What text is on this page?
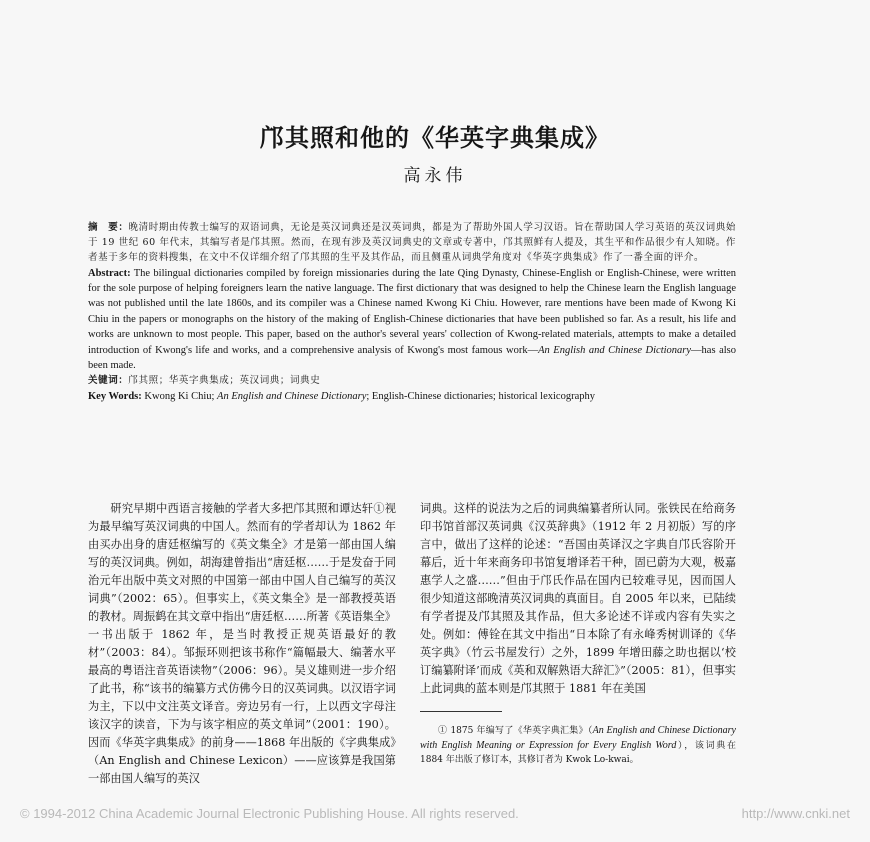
邝其照和他的《华英字典集成》
高永伟

摘　要：晚清时期由传教士编写的双语词典，无论是英汉词典还是汉英词典，都是为了帮助外国人学习汉语。旨在帮助国人学习英语的英汉词典始于 19 世纪 60 年代末，其编写者是邝其照。然而，在现有涉及英汉词典史的文章或专著中，邝其照鲜有人提及，其生平和作品很少有人知晓。作者基于多年的资料搜集，在文中不仅详细介绍了邝其照的生平及其作品，而且侧重从词典学角度对《华英字典集成》作了一番全面的评介。

Abstract: The bilingual dictionaries compiled by foreign missionaries during the late Qing Dynasty, Chinese-English or English-Chinese, were written for the sole purpose of helping foreigners learn the native language. The first dictionary that was designed to help the Chinese learn the English language was not published until the late 1860s, and its compiler was a Chinese named Kwong Ki Chiu. However, rare mentions have been made of Kwong Ki Chiu in the papers or monographs on the history of the making of English-Chinese dictionaries that have been published so far. As a result, his life and works are unknown to most people. This paper, based on the author's several years' collection of Kwong-related materials, attempts to make a detailed introduction of Kwong's life and works, and a comprehensive analysis of Kwong's most famous work—An English and Chinese Dictionary—has also been made.

关键词：邝其照；华英字典集成；英汉词典；词典史

Key Words: Kwong Ki Chiu; An English and Chinese Dictionary; English-Chinese dictionaries; historical lexicography

研究早期中西语言接触的学者大多把邝其照和谭达轩①视为最早编写英汉词典的中国人。然而有的学者却认为 1862 年由买办出身的唐廷枢编写的《英文集全》才是第一部由国人编写的英汉词典。例如，胡海建曾指出“唐廷枢……于是发奋于同治元年出版中英文对照的中国第一部由中国人自己编写的英汉词典”（2002：65）。但事实上，《英文集全》是一部教授英语的教材。周振鹤在其文章中指出“唐廷枢……所著《英语集全》一书出版于 1862 年，是当时教授正规英语最好的教材”（2003：84）。邹振环则把该书称作“篇幅最大、编著水平最高的粤语注音英语读物”（2006：96）。吴义雄则进一步介绍了此书，称“该书的编纂方式仿佛今日的汉英词典。以汉语字词为主，下以中文注英文译音。旁边另有一行，上以西文字母注该汉字的读音，下为与该字相应的英文单词”（2001：190）。因而《华英字典集成》的前身——1868 年出版的《字典集成》（An English and Chinese Lexicon）——应该算是我国第一部由国人编写的英汉

词典。这样的说法为之后的词典编纂者所认同。张铁民在给商务印书馆首部汉英词典《汉英辞典》（1912 年 2 月初版）写的序言中，做出了这样的论述：“吾国由英译汉之字典自邝氏容阶开幕后，近十年来商务印书馆复增译若干种，固已蔚为大观，极嘉惠学人之盛……”但由于邝氏作品在国内已较难寻见，因而国人很少知道这部晚清英汉词典的真面目。自 2005 年以来，已陆续有学者提及邝其照及其作品，但大多论述不详或内容有失实之处。例如：傅铨在其文中指出“日本除了有永峰秀树训译的《华英字典》（竹云书屋发行）之外，1899 年增田藤之助也据以‘校订编纂附译’而成《英和双解熟语大辞汇》”（2005：81），但事实上此词典的蓝本则是邝其照于 1881 年在美国

① 1875 年编写了《华英字典汇集》（An English and Chinese Dictionary with English Meaning or Expression for Every English Word），该词典在 1884 年出版了修订本，其修订者为 Kwok Lo-kwai。

© 1994-2012 China Academic Journal Electronic Publishing House. All rights reserved.	http://www.cnki.net
